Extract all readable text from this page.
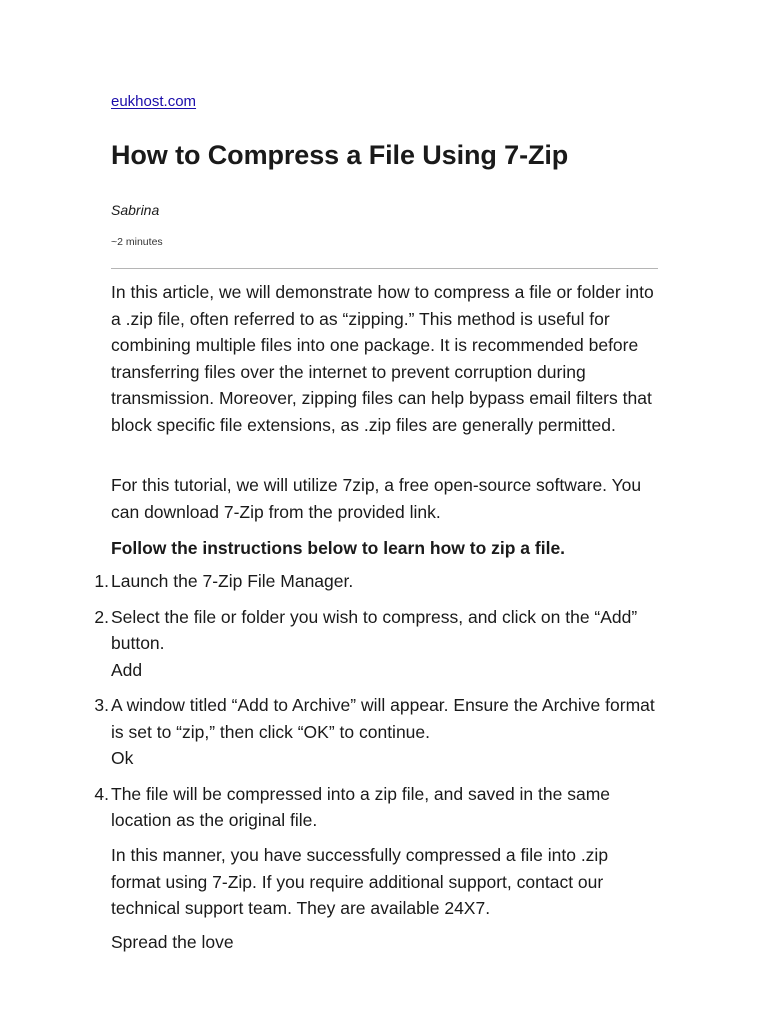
eukhost.com
How to Compress a File Using 7-Zip
Sabrina
~2 minutes

In this article, we will demonstrate how to compress a file or folder into a .zip file, often referred to as “zipping.” This method is useful for combining multiple files into one package. It is recommended before transferring files over the internet to prevent corruption during transmission. Moreover, zipping files can help bypass email filters that block specific file extensions, as .zip files are generally permitted.

For this tutorial, we will utilize 7zip, a free open-source software. You can download 7-Zip from the provided link.

Follow the instructions below to learn how to zip a file.

1. Launch the 7-Zip File Manager.
2. Select the file or folder you wish to compress, and click on the “Add” button.
Add
3. A window titled “Add to Archive” will appear. Ensure the Archive format is set to “zip,” then click “OK” to continue.
Ok
4. The file will be compressed into a zip file, and saved in the same location as the original file.

In this manner, you have successfully compressed a file into .zip format using 7-Zip. If you require additional support, contact our technical support team. They are available 24X7.

Spread the love
